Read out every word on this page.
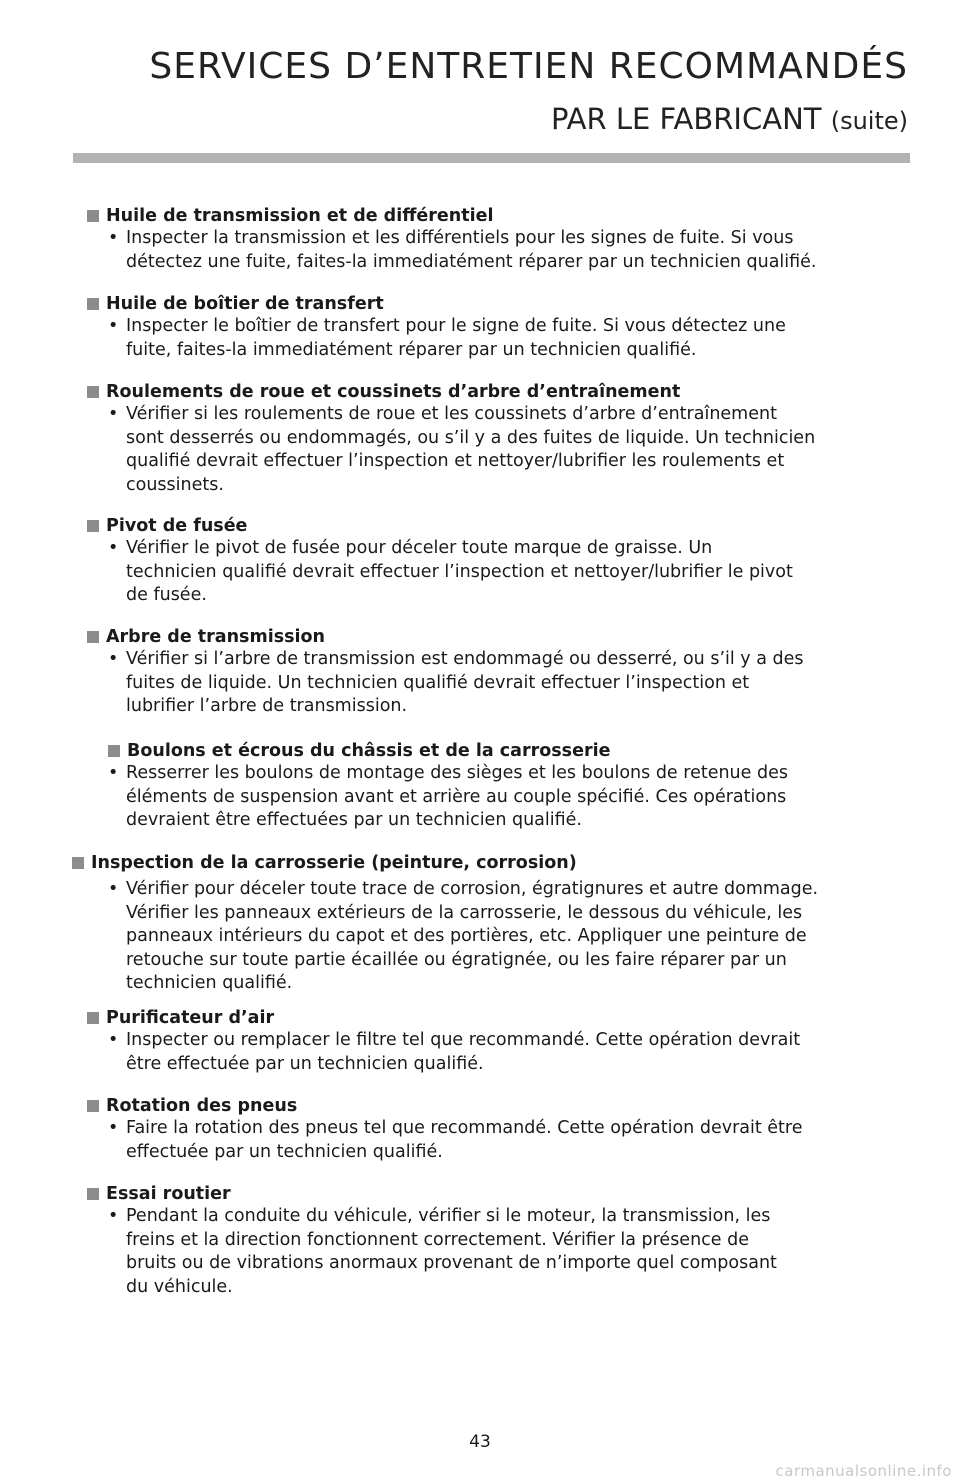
SERVICES D’ENTRETIEN RECOMMANDÉS
PAR LE FABRICANT (suite)
Huile de transmission et de différentiel
• Inspecter la transmission et les différentiels pour les signes de fuite. Si vous
détectez une fuite, faites-la immediatément réparer par un technicien qualifié.
Huile de boîtier de transfert
• Inspecter le boîtier de transfert pour le signe de fuite. Si vous détectez une
fuite, faites-la immediatément réparer par un technicien qualifié.
Roulements de roue et coussinets d’arbre d’entraînement
• Vérifier si les roulements de roue et les coussinets d’arbre d’entraînement
sont desserrés ou endommagés, ou s’il y a des fuites de liquide. Un technicien
qualifié devrait effectuer l’inspection et nettoyer/lubrifier les roulements et
coussinets.
Pivot de fusée
• Vérifier le pivot de fusée pour déceler toute marque de graisse. Un
technicien qualifié devrait effectuer l’inspection et nettoyer/lubrifier le pivot
de fusée.
Arbre de transmission
• Vérifier si l’arbre de transmission est endommagé ou desserré, ou s’il y a des
fuites de liquide. Un technicien qualifié devrait effectuer l’inspection et
lubrifier l’arbre de transmission.
Boulons et écrous du châssis et de la carrosserie
• Resserrer les boulons de montage des sièges et les boulons de retenue des
éléments de suspension avant et arrière au couple spécifié. Ces opérations
devraient être effectuées par un technicien qualifié.
Inspection de la carrosserie (peinture, corrosion)
• Vérifier pour déceler toute trace de corrosion, égratignures et autre dommage.
Vérifier les panneaux extérieurs de la carrosserie, le dessous du véhicule, les
panneaux intérieurs du capot et des portières, etc. Appliquer une peinture de
retouche sur toute partie écaillée ou égratignée, ou les faire réparer par un
technicien qualifié.
Purificateur d’air
• Inspecter ou remplacer le filtre tel que recommandé. Cette opération devrait
être effectuée par un technicien qualifié.
Rotation des pneus
• Faire la rotation des pneus tel que recommandé. Cette opération devrait être
effectuée par un technicien qualifié.
Essai routier
• Pendant la conduite du véhicule, vérifier si le moteur, la transmission, les
freins et la direction fonctionnent correctement. Vérifier la présence de
bruits ou de vibrations anormaux provenant de n’importe quel composant
du véhicule.
43
carmanualsonline.info
